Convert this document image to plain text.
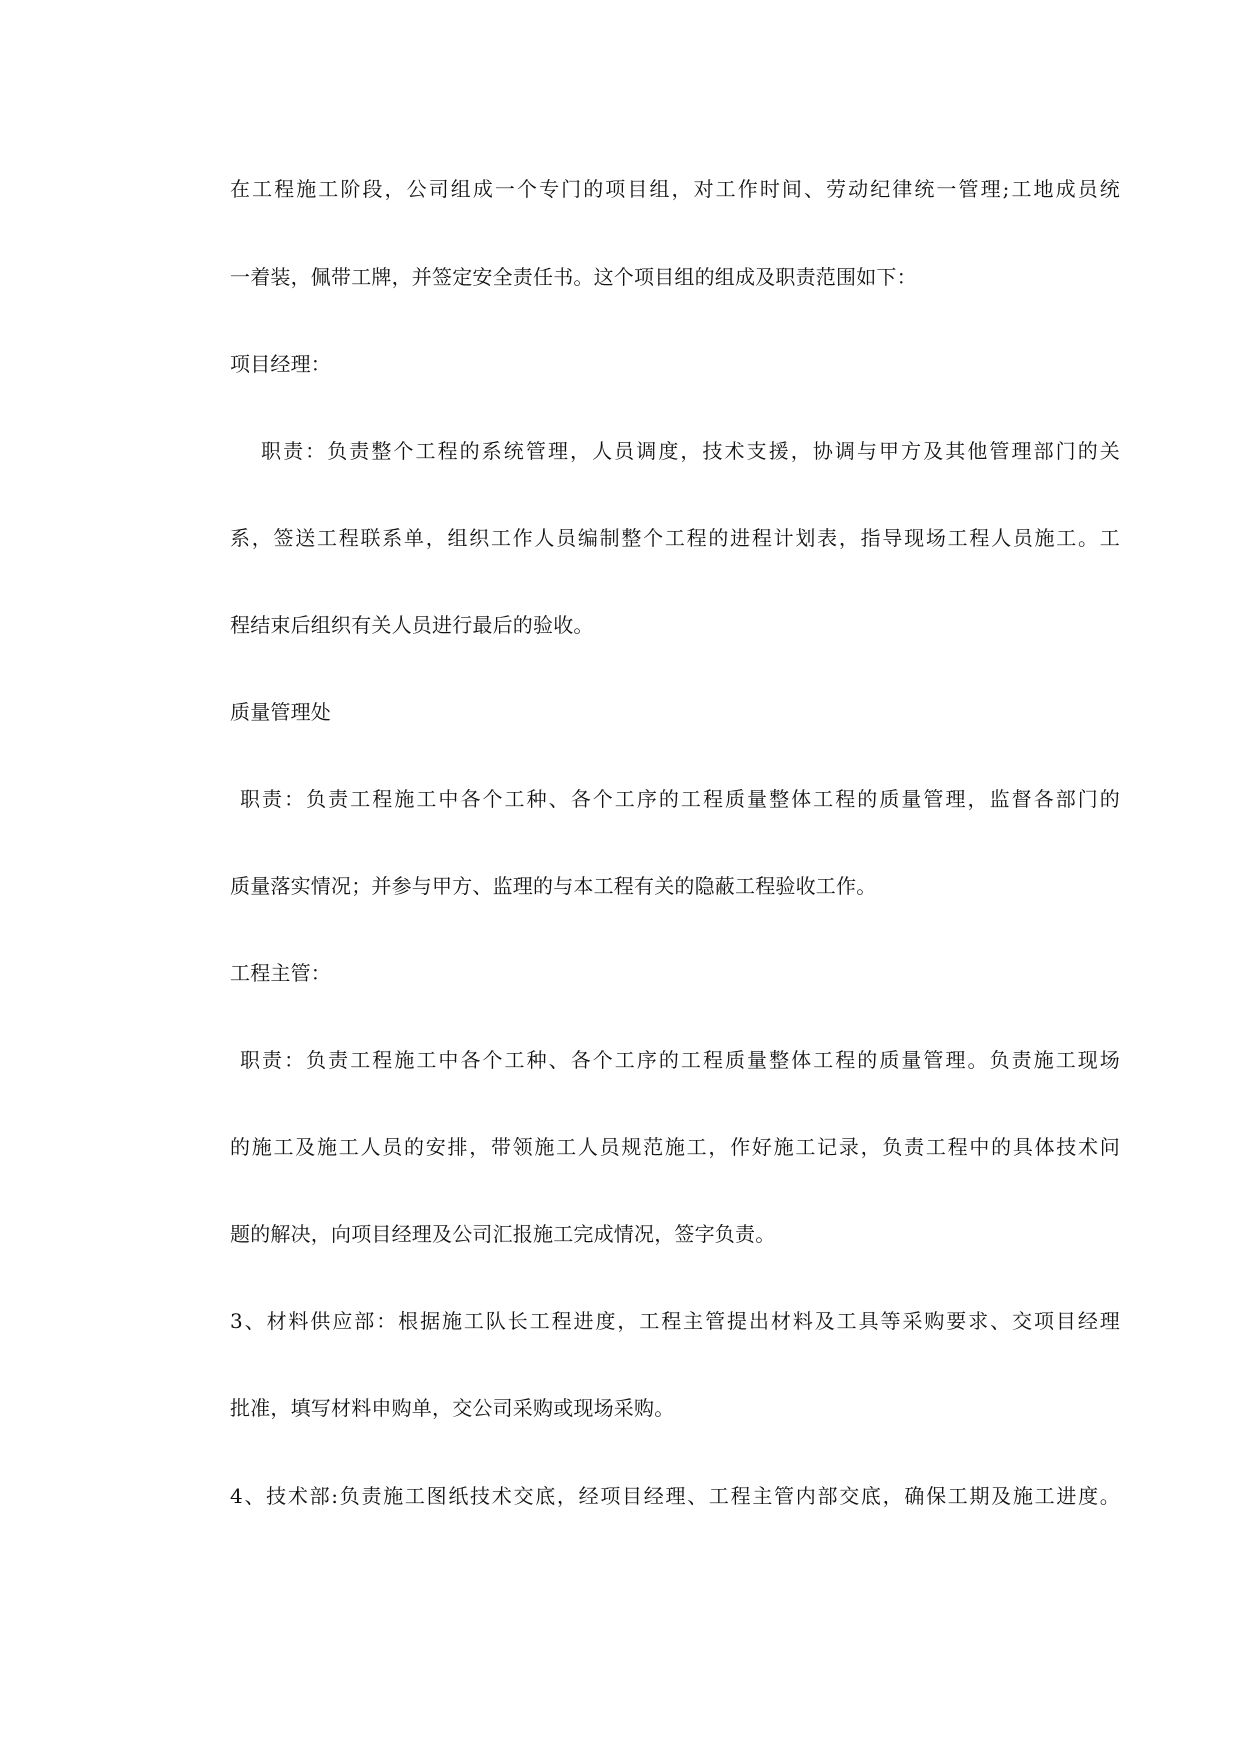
在工程施工阶段，公司组成一个专门的项目组，对工作时间、劳动纪律统一管理;工地成员统
一着装，佩带工牌，并签定安全责任书。这个项目组的组成及职责范围如下：
项目经理：
职责：负责整个工程的系统管理，人员调度，技术支援，协调与甲方及其他管理部门的关
系，签送工程联系单，组织工作人员编制整个工程的进程计划表，指导现场工程人员施工。工
程结束后组织有关人员进行最后的验收。
质量管理处
职责：负责工程施工中各个工种、各个工序的工程质量整体工程的质量管理，监督各部门的
质量落实情况；并参与甲方、监理的与本工程有关的隐蔽工程验收工作。
工程主管：
职责：负责工程施工中各个工种、各个工序的工程质量整体工程的质量管理。负责施工现场
的施工及施工人员的安排，带领施工人员规范施工，作好施工记录，负责工程中的具体技术问
题的解决，向项目经理及公司汇报施工完成情况，签字负责。
3、材料供应部：根据施工队长工程进度，工程主管提出材料及工具等采购要求、交项目经理
批准，填写材料申购单，交公司采购或现场采购。
4、技术部:负责施工图纸技术交底，经项目经理、工程主管内部交底，确保工期及施工进度。
